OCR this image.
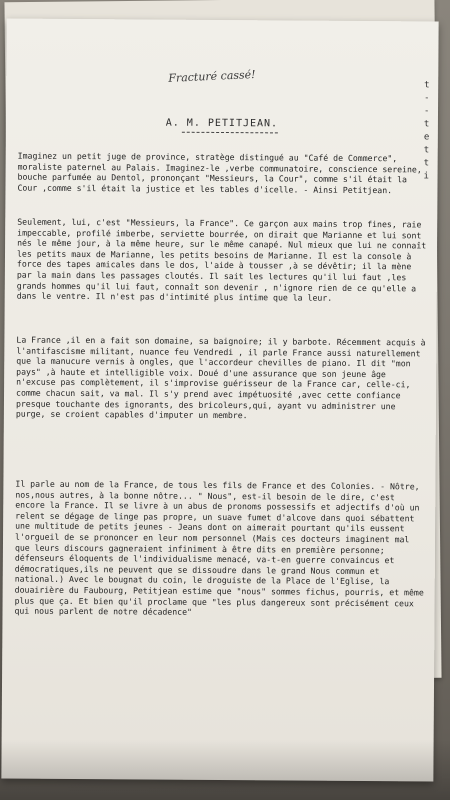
Fracturé cassé!
A. M. PETITJEAN.

Imaginez un petit juge de province, stratège distingué au "Café de Commerce", moraliste paternel au Palais. Imaginez-le ,verbe communatoire, conscience sereine, bouche parfumée au Dentol, prononçant "Messieurs, la Cour", comme s'il était la Cour ,comme s'il était la justice et les tables d'icelle. - Ainsi Petitjean.

Seulement, lui, c'est "Messieurs, la France". Ce garçon aux mains trop fines, raie impeccable, profilé imberbe, serviette bourrée, on dirait que Marianne et lui sont nés le même jour, à la même heure, sur le même canapé. Nul mieux que lui ne connaît les petits maux de Marianne, les petits besoins de Marianne. Il est la console à force des tapes amicales dans le dos, l'aide à tousser ,à se dévêtir; il la mène par la main dans les passages cloutés. Il sait les lectures qu'il lui faut ,les grands hommes qu'il lui faut, connaît son devenir , n'ignore rien de ce qu'elle a dans le ventre. Il n'est pas d'intimité plus intime que la leur.

La France ,il en a fait son domaine, sa baignoire; il y barbote. Récemment acquis à l'antifascisme militant, nuance feu Vendredi , il parle France aussi naturellement que la manucure vernis à ongles, que l'accordeur chevilles de piano. Il dit "mon pays" ,à haute et intelligible voix. Doué d'une assurance que son jeune âge n'excuse pas complètement, il s'improvise guérisseur de la France car, celle-ci, comme chacun sait, va mal. Il s'y prend avec impétuosité ,avec cette confiance presque touchante des ignorants, des bricoleurs,qui, ayant vu administrer une purge, se croient capables d'imputer un membre.

Il parle au nom de la France, de tous les fils de France et des Colonies. - Nôtre, nos,nous autres, à la bonne nôtre... " Nous", est-il besoin de le dire, c'est encore la France. Il se livre à un abus de pronoms possessifs et adjectifs d'où un relent se dégage de linge pas propre, un suave fumet d'alcove dans quoi sébattent une multitude de petits jeunes - Jeans dont on aimerait pourtant qu'ils eussent l'orgueil de se prononcer en leur nom personnel (Mais ces docteurs imaginent mal que leurs discours gagneraient infiniment à être dits en première personne; défenseurs éloquents de l'individualisme menacé, va-t-en guerre convaincus et démocratiques,ils ne peuvent que se dissoudre dans le grand Nous commun et national.) Avec le bougnat du coin, le droguiste de la Place de l'Eglise, la douairière du Faubourg, Petitjean estime que "nous" sommes fichus, pourris, et même plus que ça. Et bien qu'il proclame que "les plus dangereux sont précisément ceux qui nous parlent de notre décadence"

t
-
-
t
e
t
t
i
